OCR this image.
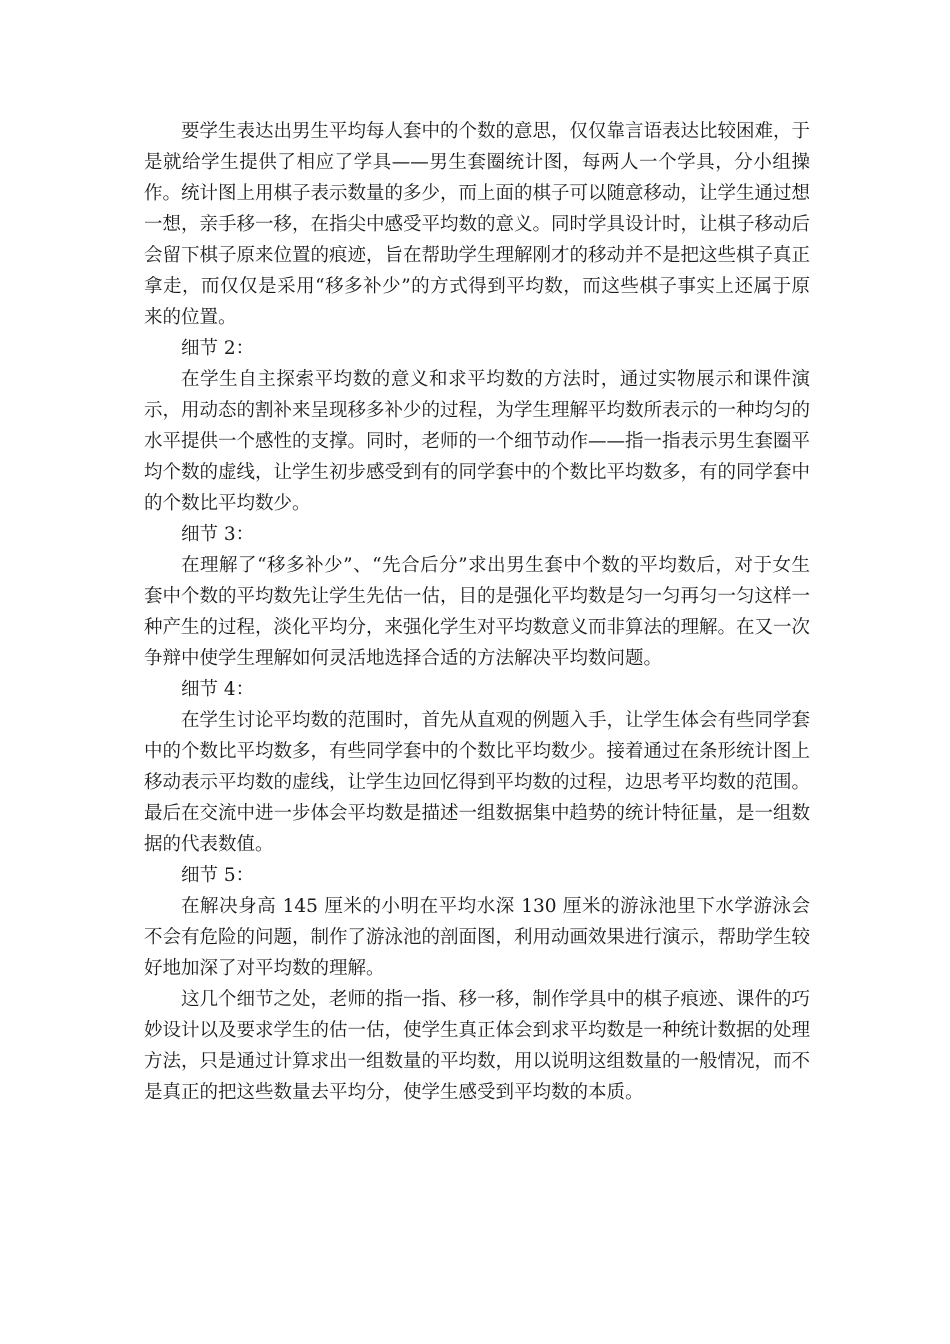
要学生表达出男生平均每人套中的个数的意思，仅仅靠言语表达比较困难，于是就给学生提供了相应了学具——男生套圈统计图，每两人一个学具，分小组操作。统计图上用棋子表示数量的多少，而上面的棋子可以随意移动，让学生通过想一想，亲手移一移，在指尖中感受平均数的意义。同时学具设计时，让棋子移动后会留下棋子原来位置的痕迹，旨在帮助学生理解刚才的移动并不是把这些棋子真正拿走，而仅仅是采用“移多补少”的方式得到平均数，而这些棋子事实上还属于原来的位置。

细节 2：

在学生自主探索平均数的意义和求平均数的方法时，通过实物展示和课件演示，用动态的割补来呈现移多补少的过程，为学生理解平均数所表示的一种均匀的水平提供一个感性的支撑。同时，老师的一个细节动作——指一指表示男生套圈平均个数的虚线，让学生初步感受到有的同学套中的个数比平均数多，有的同学套中的个数比平均数少。

细节 3：

在理解了“移多补少”、“先合后分”求出男生套中个数的平均数后，对于女生套中个数的平均数先让学生先估一估，目的是强化平均数是匀一匀再匀一匀这样一种产生的过程，淡化平均分，来强化学生对平均数意义而非算法的理解。在又一次争辩中使学生理解如何灵活地选择合适的方法解决平均数问题。

细节 4：

在学生讨论平均数的范围时，首先从直观的例题入手，让学生体会有些同学套中的个数比平均数多，有些同学套中的个数比平均数少。接着通过在条形统计图上移动表示平均数的虚线，让学生边回忆得到平均数的过程，边思考平均数的范围。最后在交流中进一步体会平均数是描述一组数据集中趋势的统计特征量，是一组数据的代表数值。

细节 5：

在解决身高 145 厘米的小明在平均水深 130 厘米的游泳池里下水学游泳会不会有危险的问题，制作了游泳池的剖面图，利用动画效果进行演示，帮助学生较好地加深了对平均数的理解。

这几个细节之处，老师的指一指、移一移，制作学具中的棋子痕迹、课件的巧妙设计以及要求学生的估一估，使学生真正体会到求平均数是一种统计数据的处理方法，只是通过计算求出一组数量的平均数，用以说明这组数量的一般情况，而不是真正的把这些数量去平均分，使学生感受到平均数的本质。
